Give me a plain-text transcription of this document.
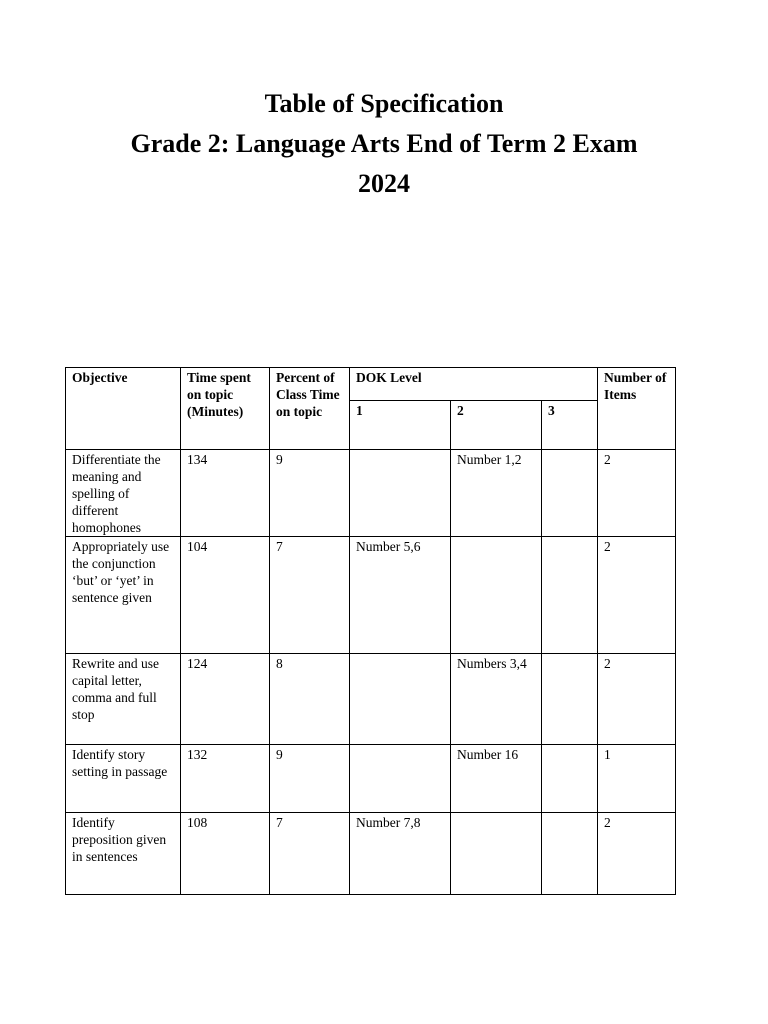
Table of Specification

Grade 2: Language Arts End of Term 2 Exam

2024

Objective	Time spent on topic (Minutes)	Percent of Class Time on topic	DOK Level			Number of Items
			1	2	3	
Differentiate the meaning and spelling of different homophones	134	9		Number 1,2		2
Appropriately use the conjunction ‘but’ or ‘yet’ in sentence given	104	7	Number 5,6			2
Rewrite and use capital letter, comma and full stop	124	8		Numbers 3,4		2
Identify story setting in passage	132	9		Number 16		1
Identify preposition given in sentences	108	7	Number 7,8			2
